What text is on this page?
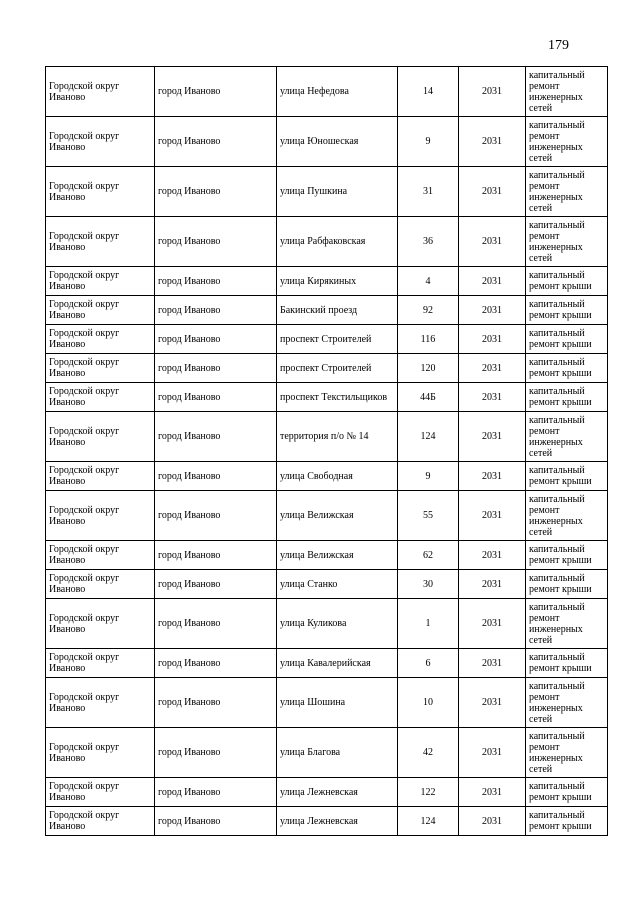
179
Городской округ Иваново	город Иваново	улица Нефедова	14	2031	капитальный ремонт инженерных сетей
Городской округ Иваново	город Иваново	улица Юношеская	9	2031	капитальный ремонт инженерных сетей
Городской округ Иваново	город Иваново	улица Пушкина	31	2031	капитальный ремонт инженерных сетей
Городской округ Иваново	город Иваново	улица Рабфаковская	36	2031	капитальный ремонт инженерных сетей
Городской округ Иваново	город Иваново	улица Кирякиных	4	2031	капитальный ремонт крыши
Городской округ Иваново	город Иваново	Бакинский проезд	92	2031	капитальный ремонт крыши
Городской округ Иваново	город Иваново	проспект Строителей	116	2031	капитальный ремонт крыши
Городской округ Иваново	город Иваново	проспект Строителей	120	2031	капитальный ремонт крыши
Городской округ Иваново	город Иваново	проспект Текстильщиков	44Б	2031	капитальный ремонт крыши
Городской округ Иваново	город Иваново	территория п/о № 14	124	2031	капитальный ремонт инженерных сетей
Городской округ Иваново	город Иваново	улица Свободная	9	2031	капитальный ремонт крыши
Городской округ Иваново	город Иваново	улица Велижская	55	2031	капитальный ремонт инженерных сетей
Городской округ Иваново	город Иваново	улица Велижская	62	2031	капитальный ремонт крыши
Городской округ Иваново	город Иваново	улица Станко	30	2031	капитальный ремонт крыши
Городской округ Иваново	город Иваново	улица Куликова	1	2031	капитальный ремонт инженерных сетей
Городской округ Иваново	город Иваново	улица Кавалерийская	6	2031	капитальный ремонт крыши
Городской округ Иваново	город Иваново	улица Шошина	10	2031	капитальный ремонт инженерных сетей
Городской округ Иваново	город Иваново	улица Благова	42	2031	капитальный ремонт инженерных сетей
Городской округ Иваново	город Иваново	улица Лежневская	122	2031	капитальный ремонт крыши
Городской округ Иваново	город Иваново	улица Лежневская	124	2031	капитальный ремонт крыши
